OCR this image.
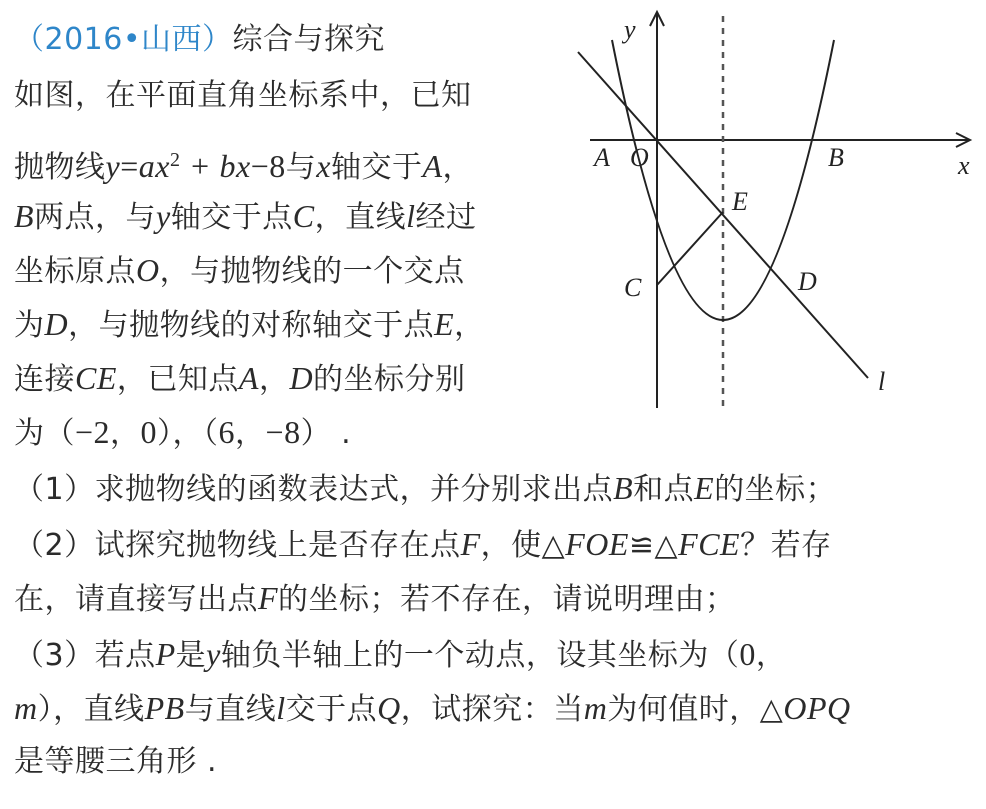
（2016•山西）综合与探究
如图，在平面直角坐标系中，已知
抛物线$y=ax^2 + bx-8$与x轴交于A，
B两点，与y轴交于点C，直线l经过
坐标原点O，与抛物线的一个交点
为D，与抛物线的对称轴交于点E，
连接CE，已知点A，D的坐标分别
为（−2，0），（6，−8） .
（1）求抛物线的函数表达式，并分别求出点B和点E的坐标；
（2）试探究抛物线上是否存在点F，使△FOE≌△FCE？若存
在，请直接写出点F的坐标；若不存在，请说明理由；
（3）若点P是y轴负半轴上的一个动点，设其坐标为（0，
m），直线PB与直线l交于点Q，试探究：当m为何值时，△OPQ
是等腰三角形 .
y
x
A O	B
E
C	D
l
